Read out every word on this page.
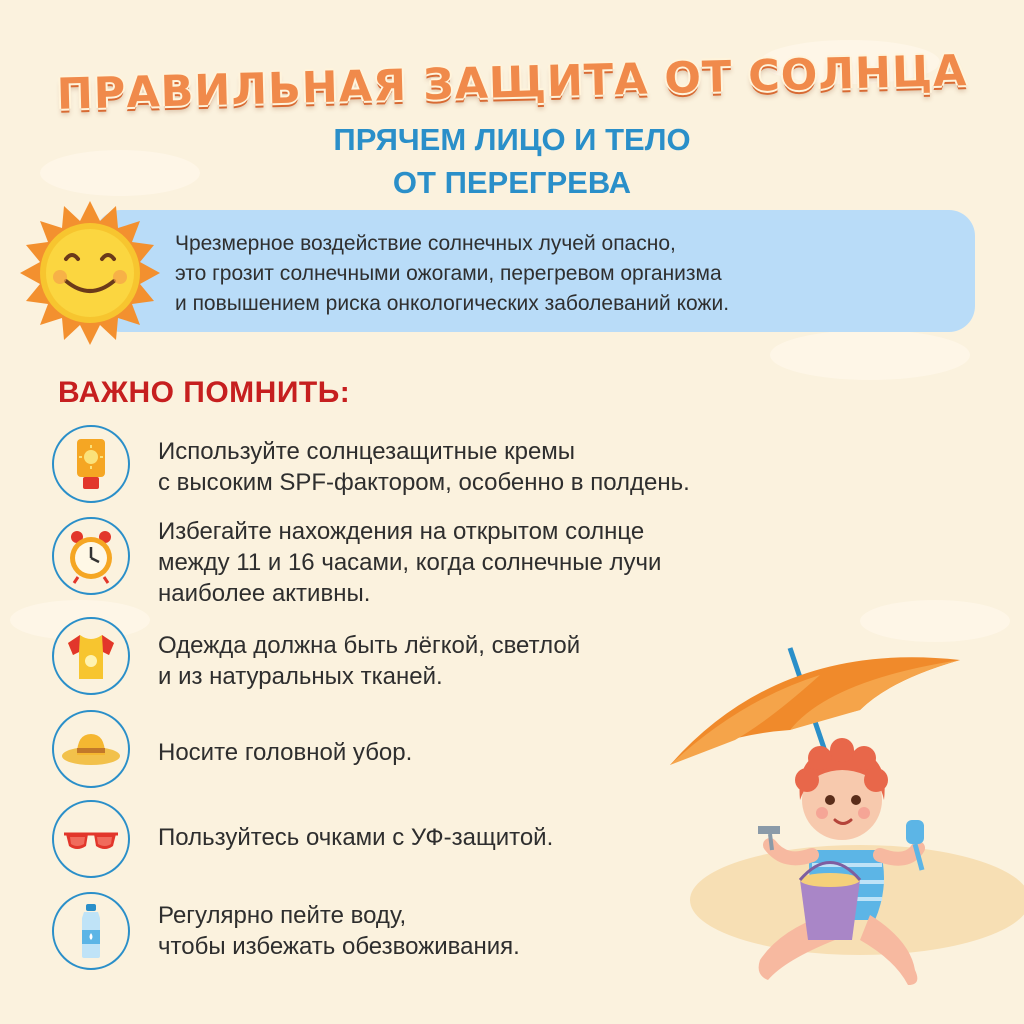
ПРАВИЛЬНАЯ ЗАЩИТА ОТ СОЛНЦА
ПРЯЧЕМ ЛИЦО И ТЕЛО
ОТ ПЕРЕГРЕВА
Чрезмерное воздействие солнечных лучей опасно,
это грозит солнечными ожогами, перегревом организма
и повышением риска онкологических заболеваний кожи.
ВАЖНО ПОМНИТЬ:
Используйте солнцезащитные кремы
с высоким SPF-фактором, особенно в полдень.
Избегайте нахождения на открытом солнце
между 11 и 16 часами, когда солнечные лучи
наиболее активны.
Одежда должна быть лёгкой, светлой
и из натуральных тканей.
Носите головной убор.
Пользуйтесь очками с УФ-защитой.
Регулярно пейте воду,
чтобы избежать обезвоживания.
